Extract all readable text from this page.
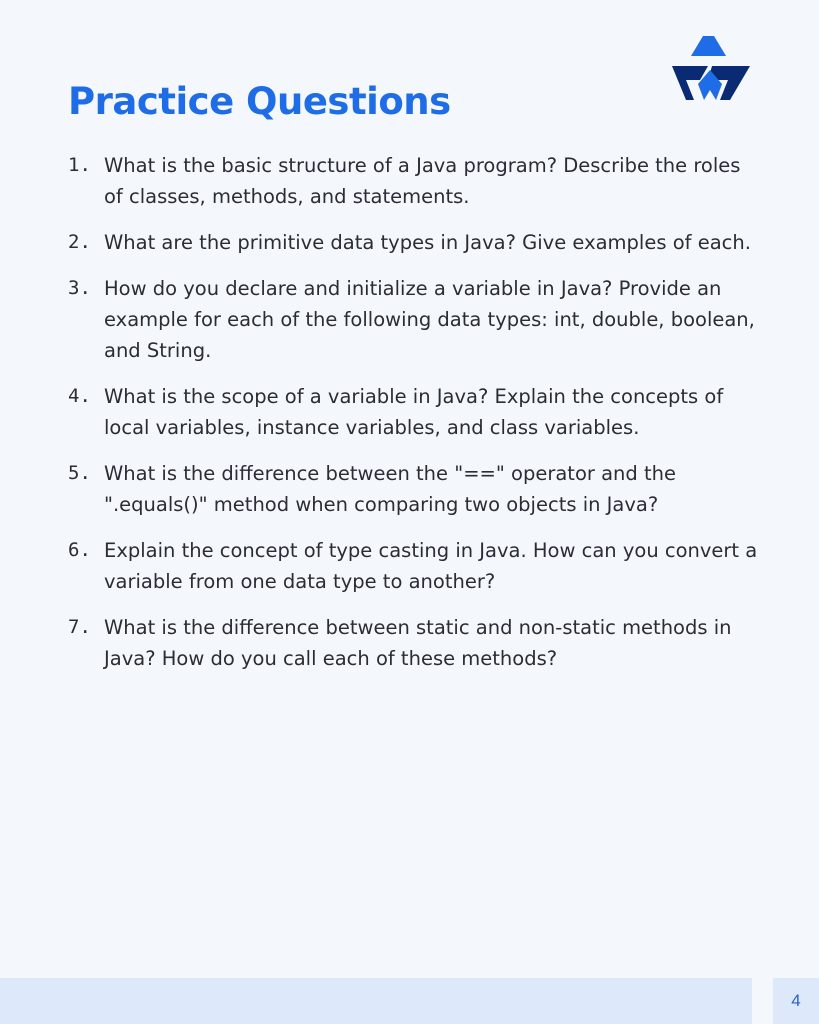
Practice Questions
1. What is the basic structure of a Java program? Describe the roles of classes, methods, and statements.
2. What are the primitive data types in Java? Give examples of each.
3. How do you declare and initialize a variable in Java? Provide an example for each of the following data types: int, double, boolean, and String.
4. What is the scope of a variable in Java? Explain the concepts of local variables, instance variables, and class variables.
5. What is the difference between the "==" operator and the ".equals()" method when comparing two objects in Java?
6. Explain the concept of type casting in Java. How can you convert a variable from one data type to another?
7. What is the difference between static and non-static methods in Java? How do you call each of these methods?
4
